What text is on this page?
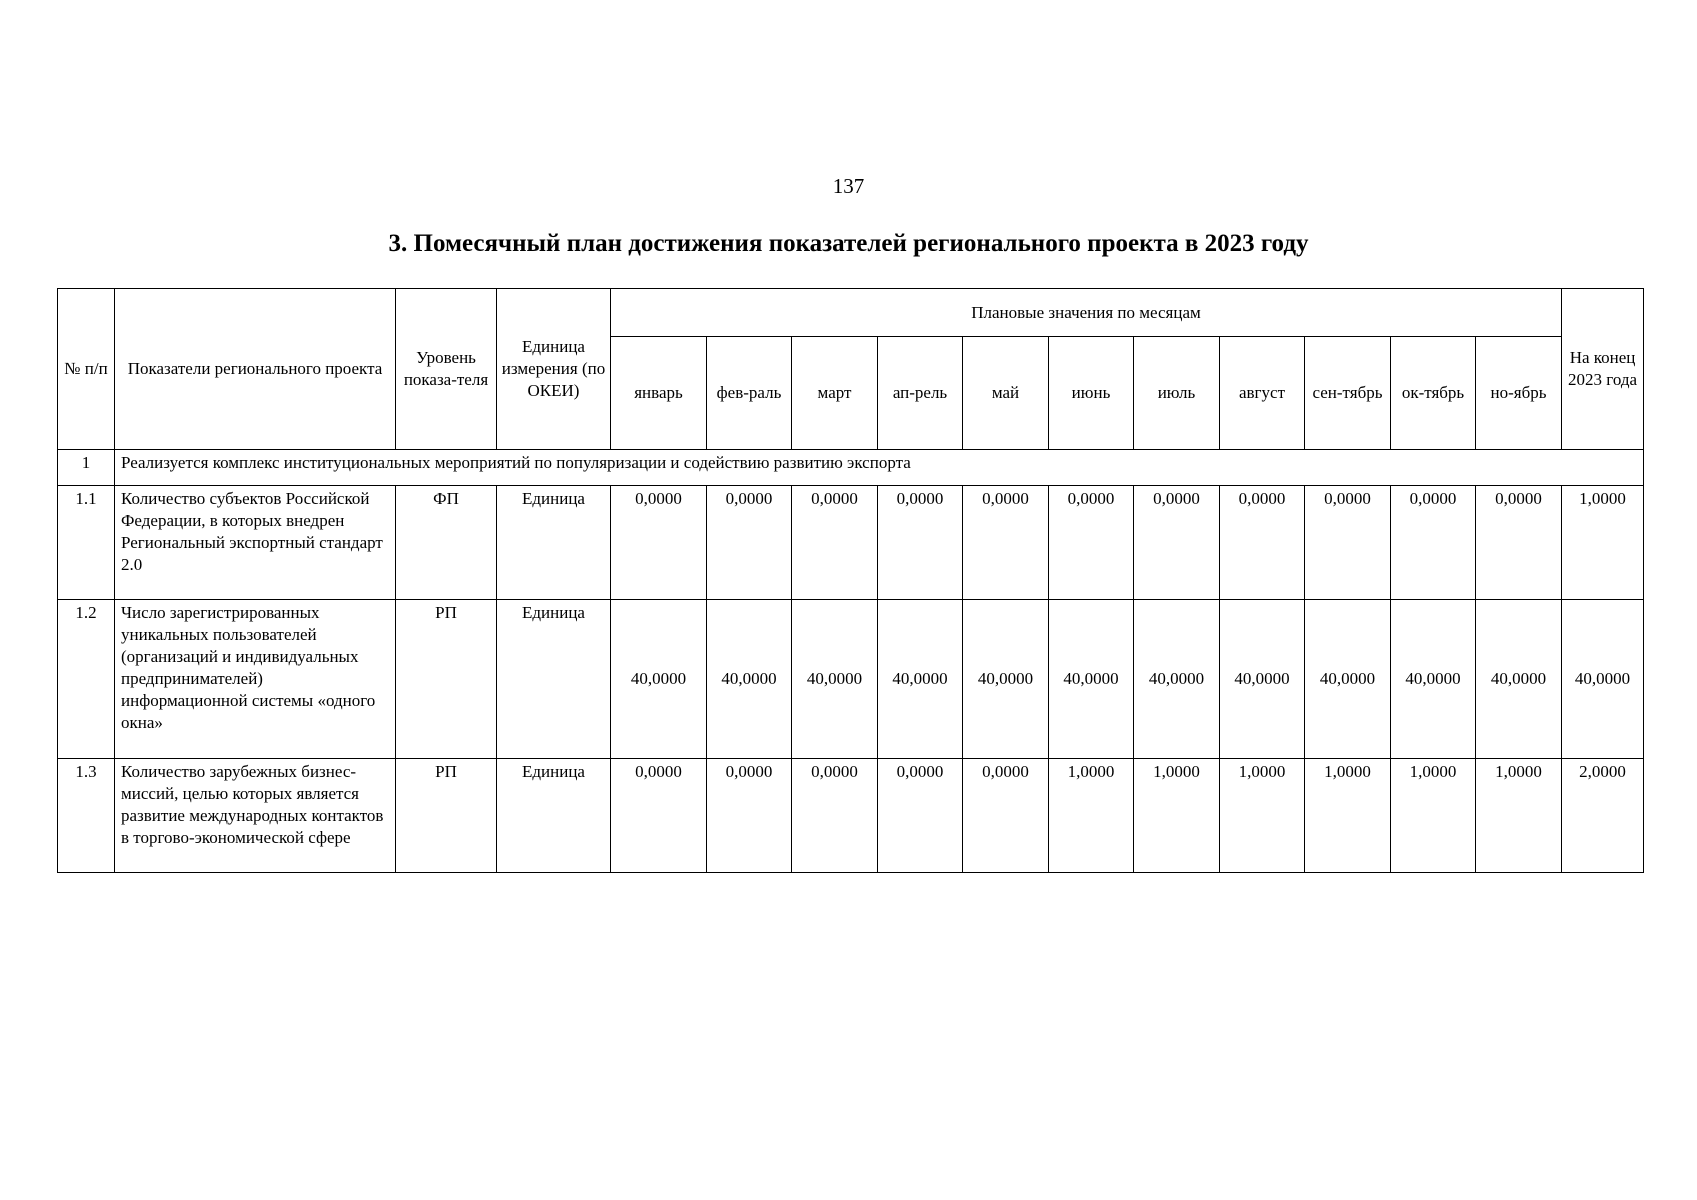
137
3. Помесячный план достижения показателей регионального проекта в 2023 году
№ п/п	Показатели регионального проекта	Уровень показа-теля	Единица измерения (по ОКЕИ)	Плановые значения по месяцам											На конец 2023 года
				январь	фев-раль	март	ап-рель	май	июнь	июль	август	сен-тябрь	ок-тябрь	но-ябрь	
1	Реализуется комплекс институциональных мероприятий по популяризации и содействию развитию экспорта														
1.1	Количество субъектов Российской Федерации, в которых внедрен Региональный экспортный стандарт 2.0	ФП	Единица	0,0000	0,0000	0,0000	0,0000	0,0000	0,0000	0,0000	0,0000	0,0000	0,0000	0,0000	1,0000
1.2	Число зарегистрированных уникальных пользователей (организаций и индивидуальных предпринимателей) информационной системы «одного окна»	РП	Единица	40,0000	40,0000	40,0000	40,0000	40,0000	40,0000	40,0000	40,0000	40,0000	40,0000	40,0000	40,0000
1.3	Количество зарубежных бизнес-миссий, целью которых является развитие международных контактов в торгово-экономической сфере	РП	Единица	0,0000	0,0000	0,0000	0,0000	0,0000	1,0000	1,0000	1,0000	1,0000	1,0000	1,0000	2,0000
